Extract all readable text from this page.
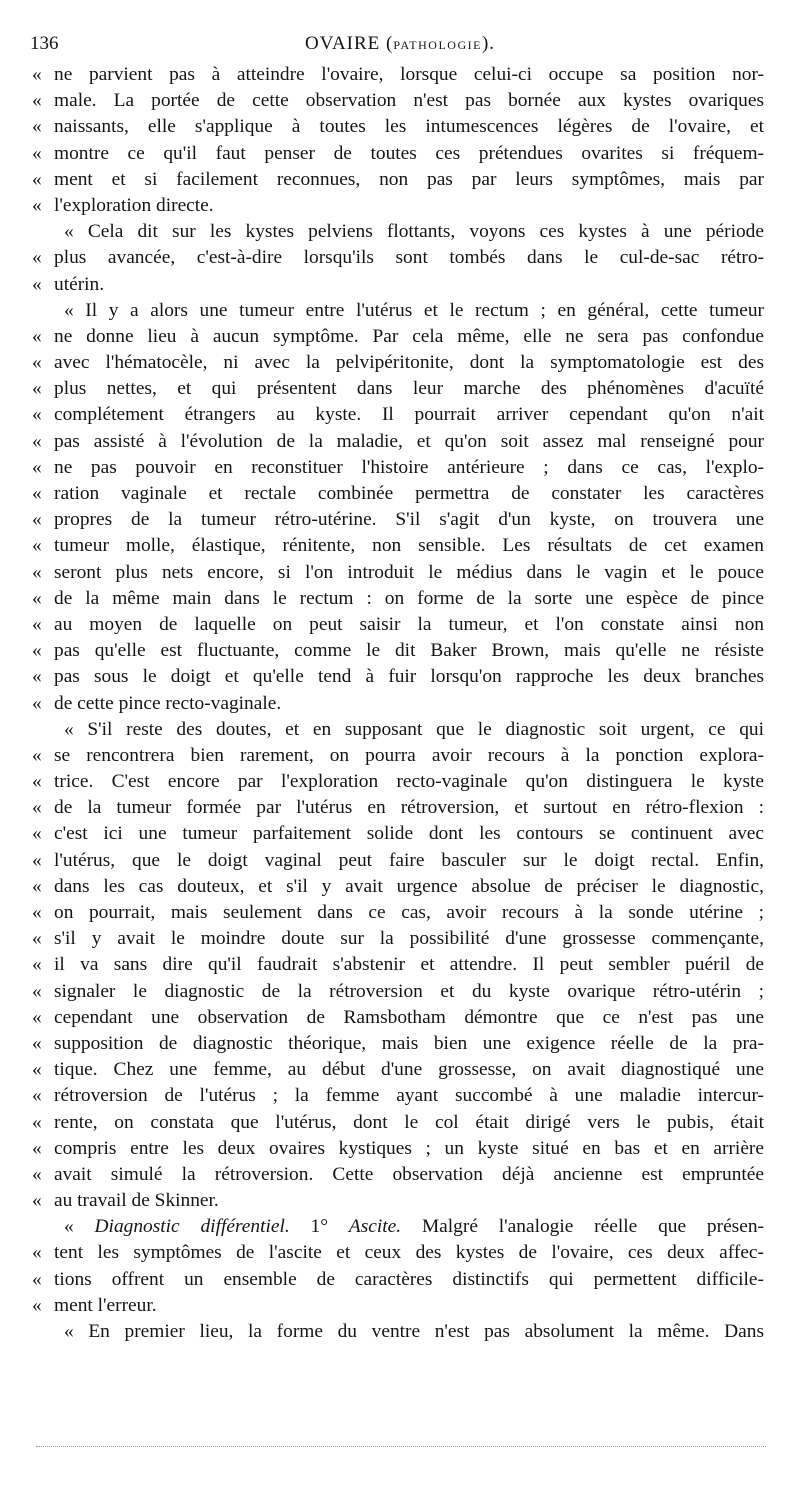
136	OVAIRE (PATHOLOGIE).
« ne parvient pas à atteindre l'ovaire, lorsque celui-ci occupe sa position nor-
« male. La portée de cette observation n'est pas bornée aux kystes ovariques
« naissants, elle s'applique à toutes les intumescences légères de l'ovaire, et
« montre ce qu'il faut penser de toutes ces prétendues ovarites si fréquem-
« ment et si facilement reconnues, non pas par leurs symptômes, mais par
« l'exploration directe.
« Cela dit sur les kystes pelviens flottants, voyons ces kystes à une période
« plus avancée, c'est-à-dire lorsqu'ils sont tombés dans le cul-de-sac rétro-
« utérin.
« Il y a alors une tumeur entre l'utérus et le rectum ; en général, cette tumeur
« ne donne lieu à aucun symptôme. Par cela même, elle ne sera pas confondue
« avec l'hématocèle, ni avec la pelvipéritonite, dont la symptomatologie est des
« plus nettes, et qui présentent dans leur marche des phénomènes d'acuïté
« complétement étrangers au kyste. Il pourrait arriver cependant qu'on n'ait
« pas assisté à l'évolution de la maladie, et qu'on soit assez mal renseigné pour
« ne pas pouvoir en reconstituer l'histoire antérieure ; dans ce cas, l'explo-
« ration vaginale et rectale combinée permettra de constater les caractères
« propres de la tumeur rétro-utérine. S'il s'agit d'un kyste, on trouvera une
« tumeur molle, élastique, rénitente, non sensible. Les résultats de cet examen
« seront plus nets encore, si l'on introduit le médius dans le vagin et le pouce
« de la même main dans le rectum : on forme de la sorte une espèce de pince
« au moyen de laquelle on peut saisir la tumeur, et l'on constate ainsi non
« pas qu'elle est fluctuante, comme le dit Baker Brown, mais qu'elle ne résiste
« pas sous le doigt et qu'elle tend à fuir lorsqu'on rapproche les deux branches
« de cette pince recto-vaginale.
« S'il reste des doutes, et en supposant que le diagnostic soit urgent, ce qui
« se rencontrera bien rarement, on pourra avoir recours à la ponction explora-
« trice. C'est encore par l'exploration recto-vaginale qu'on distinguera le kyste
« de la tumeur formée par l'utérus en rétroversion, et surtout en rétro-flexion :
« c'est ici une tumeur parfaitement solide dont les contours se continuent avec
« l'utérus, que le doigt vaginal peut faire basculer sur le doigt rectal. Enfin,
« dans les cas douteux, et s'il y avait urgence absolue de préciser le diagnostic,
« on pourrait, mais seulement dans ce cas, avoir recours à la sonde utérine ;
« s'il y avait le moindre doute sur la possibilité d'une grossesse commençante,
« il va sans dire qu'il faudrait s'abstenir et attendre. Il peut sembler puéril de
« signaler le diagnostic de la rétroversion et du kyste ovarique rétro-utérin ;
« cependant une observation de Ramsbotham démontre que ce n'est pas une
« supposition de diagnostic théorique, mais bien une exigence réelle de la pra-
« tique. Chez une femme, au début d'une grossesse, on avait diagnostiqué une
« rétroversion de l'utérus ; la femme ayant succombé à une maladie intercur-
« rente, on constata que l'utérus, dont le col était dirigé vers le pubis, était
« compris entre les deux ovaires kystiques ; un kyste situé en bas et en arrière
« avait simulé la rétroversion. Cette observation déjà ancienne est empruntée
« au travail de Skinner.
« Diagnostic différentiel. 1° Ascite. Malgré l'analogie réelle que présen-
« tent les symptômes de l'ascite et ceux des kystes de l'ovaire, ces deux affec-
« tions offrent un ensemble de caractères distinctifs qui permettent difficile-
« ment l'erreur.
« En premier lieu, la forme du ventre n'est pas absolument la même. Dans
